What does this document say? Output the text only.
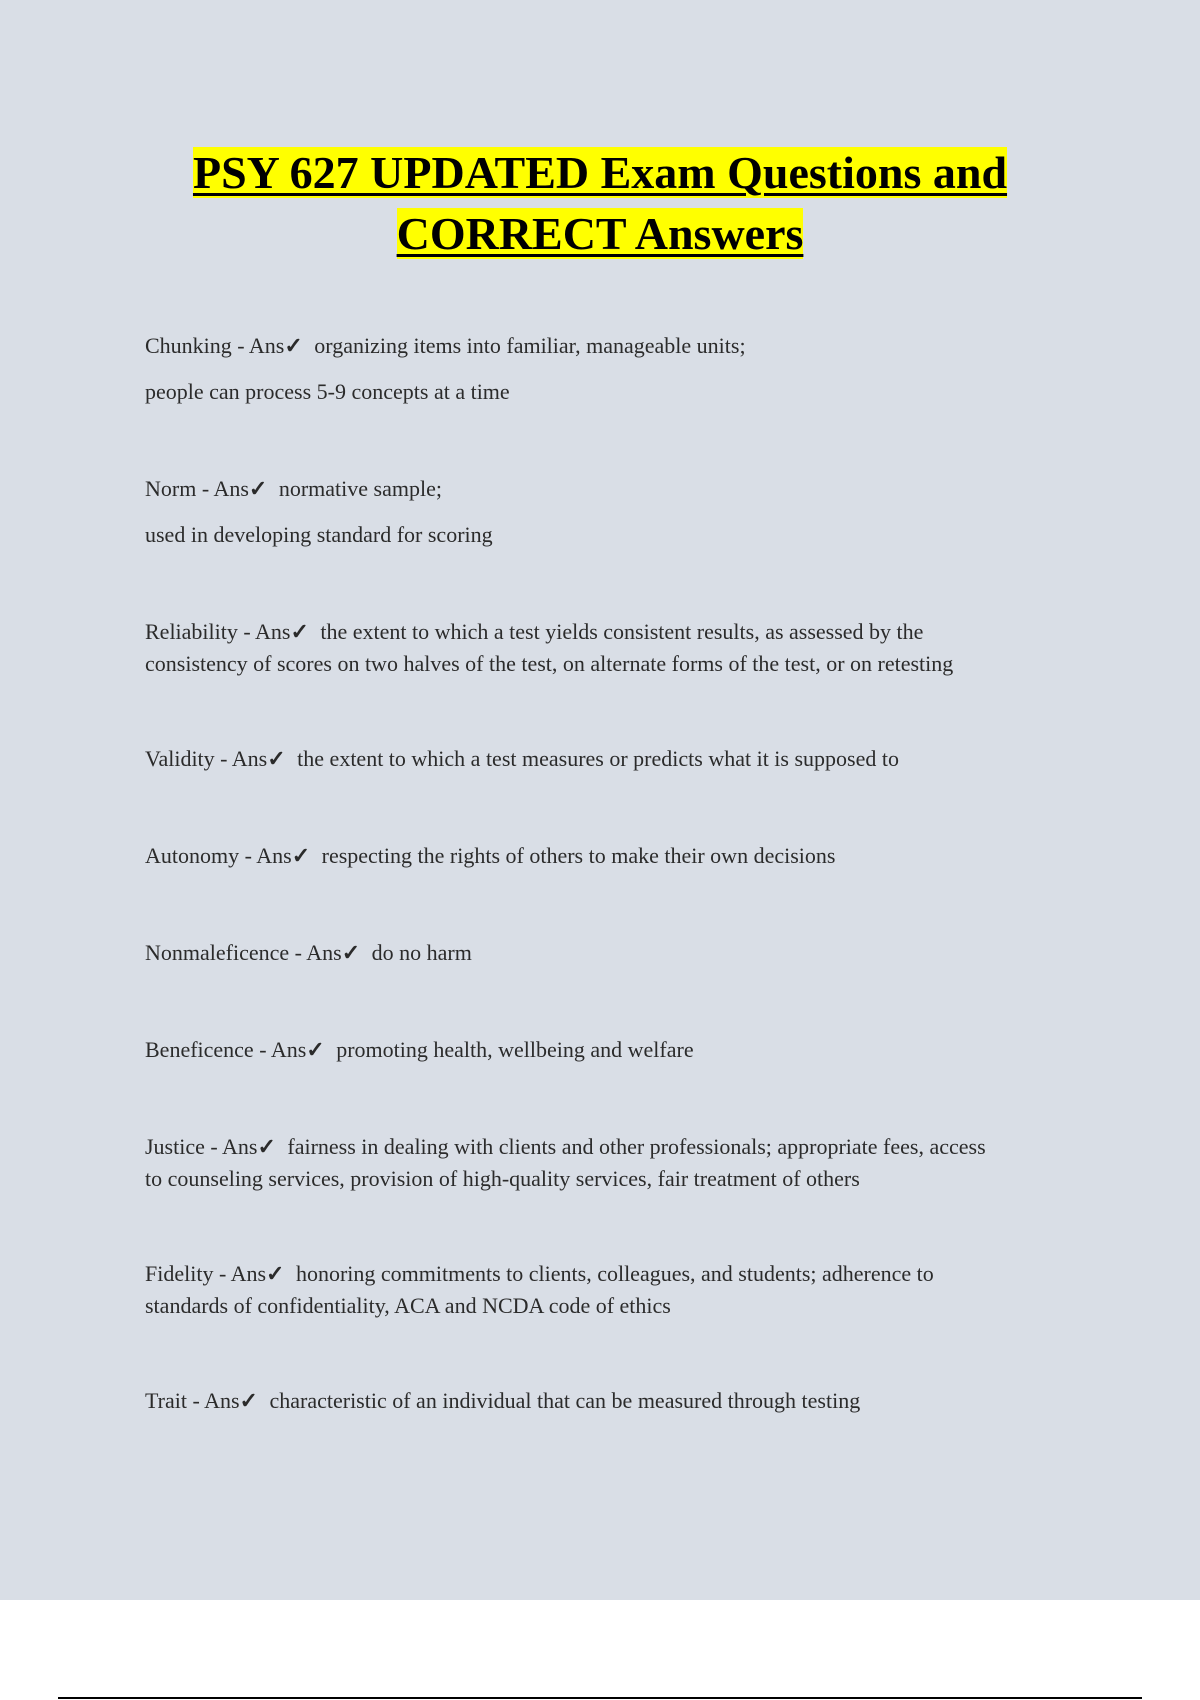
PSY 627 UPDATED Exam Questions and
CORRECT Answers
Chunking - Ans✓ organizing items into familiar, manageable units;
people can process 5-9 concepts at a time
Norm - Ans✓ normative sample;
used in developing standard for scoring
Reliability - Ans✓ the extent to which a test yields consistent results, as assessed by the
consistency of scores on two halves of the test, on alternate forms of the test, or on retesting
Validity - Ans✓ the extent to which a test measures or predicts what it is supposed to
Autonomy - Ans✓ respecting the rights of others to make their own decisions
Nonmaleficence - Ans✓ do no harm
Beneficence - Ans✓ promoting health, wellbeing and welfare
Justice - Ans✓ fairness in dealing with clients and other professionals; appropriate fees, access
to counseling services, provision of high-quality services, fair treatment of others
Fidelity - Ans✓ honoring commitments to clients, colleagues, and students; adherence to
standards of confidentiality, ACA and NCDA code of ethics
Trait - Ans✓ characteristic of an individual that can be measured through testing
